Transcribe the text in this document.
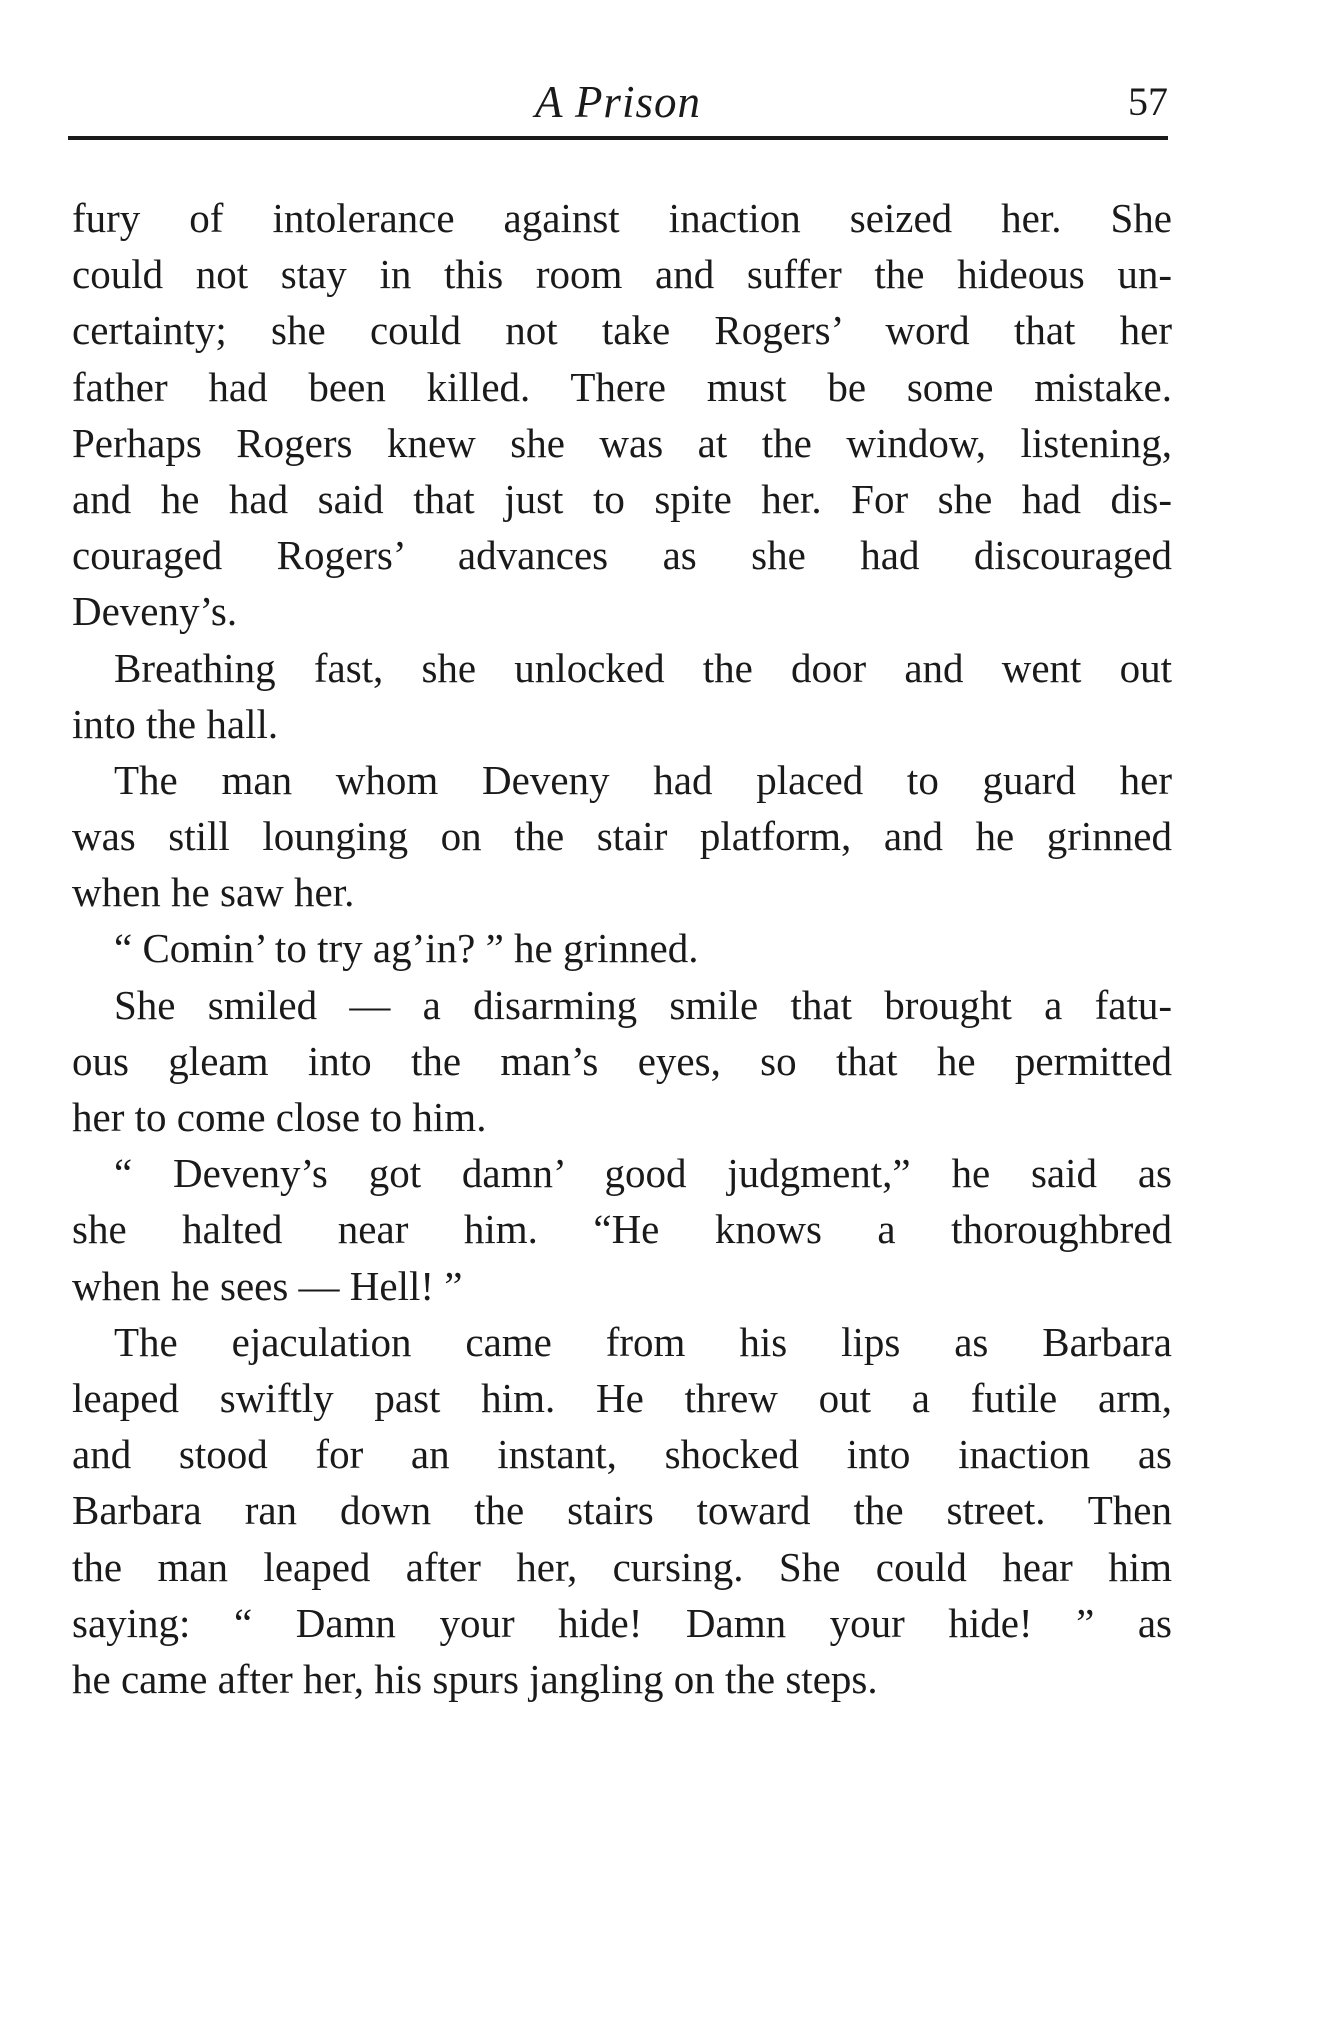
A Prison	57
fury of intolerance against inaction seized her. She
could not stay in this room and suffer the hideous un-
certainty; she could not take Rogers’ word that her
father had been killed. There must be some mistake.
Perhaps Rogers knew she was at the window, listening,
and he had said that just to spite her. For she had dis-
couraged Rogers’ advances as she had discouraged
Deveny’s.
Breathing fast, she unlocked the door and went out
into the hall.
The man whom Deveny had placed to guard her
was still lounging on the stair platform, and he grinned
when he saw her.
“ Comin’ to try ag’in? ” he grinned.
She smiled — a disarming smile that brought a fatu-
ous gleam into the man’s eyes, so that he permitted
her to come close to him.
“ Deveny’s got damn’ good judgment,” he said as
she halted near him. “He knows a thoroughbred
when he sees — Hell! ”
The ejaculation came from his lips as Barbara
leaped swiftly past him. He threw out a futile arm,
and stood for an instant, shocked into inaction as
Barbara ran down the stairs toward the street. Then
the man leaped after her, cursing. She could hear him
saying: “ Damn your hide! Damn your hide! ” as
he came after her, his spurs jangling on the steps.
